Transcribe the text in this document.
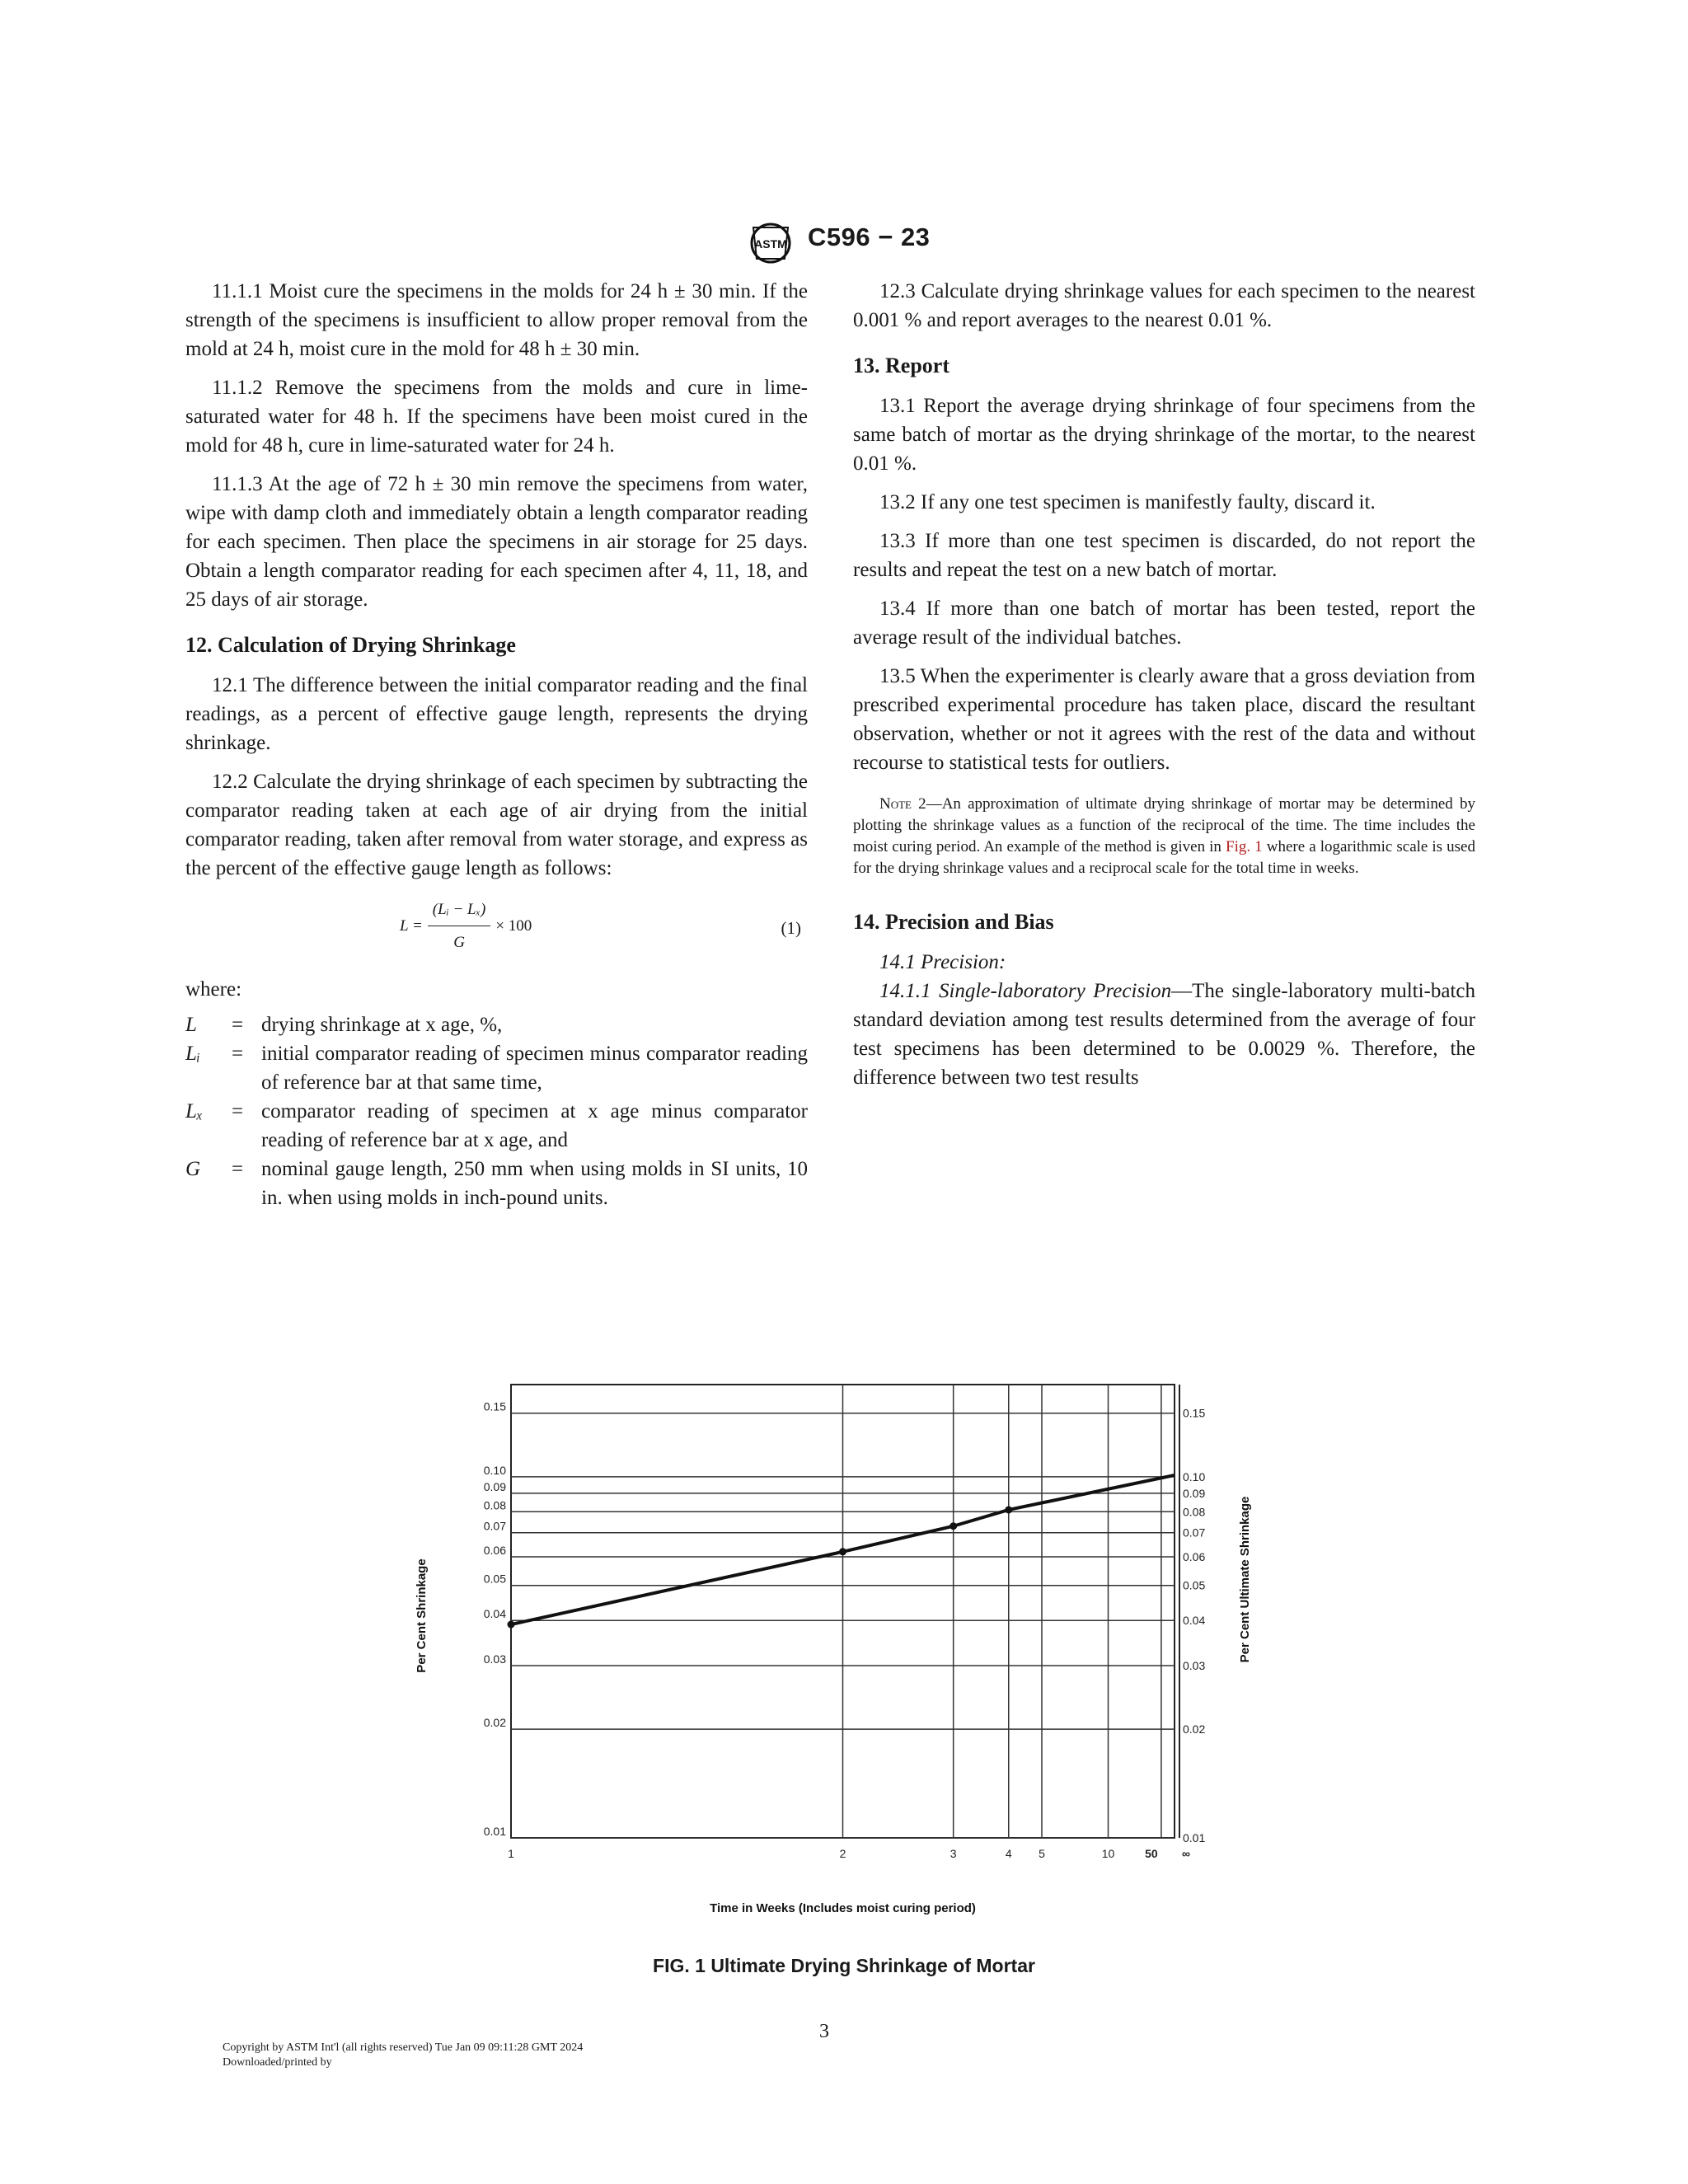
ASTM C596 − 23

11.1.1 Moist cure the specimens in the molds for 24 h ± 30 min. If the strength of the specimens is insufficient to allow proper removal from the mold at 24 h, moist cure in the mold for 48 h ± 30 min.

11.1.2 Remove the specimens from the molds and cure in lime-saturated water for 48 h. If the specimens have been moist cured in the mold for 48 h, cure in lime-saturated water for 24 h.

11.1.3 At the age of 72 h ± 30 min remove the specimens from water, wipe with damp cloth and immediately obtain a length comparator reading for each specimen. Then place the specimens in air storage for 25 days. Obtain a length comparator reading for each specimen after 4, 11, 18, and 25 days of air storage.

12. Calculation of Drying Shrinkage

12.1 The difference between the initial comparator reading and the final readings, as a percent of effective gauge length, represents the drying shrinkage.

12.2 Calculate the drying shrinkage of each specimen by subtracting the comparator reading taken at each age of air drying from the initial comparator reading, taken after removal from water storage, and express as the percent of the effective gauge length as follows:

$L = \frac{\text{(Lᵢ − Lₓ)}}{G} \times 100$	(1)
where:
L	= drying shrinkage at x age, %,
Lᵢ	= initial comparator reading of specimen minus comparator reading of reference bar at that same time,
Lₓ	= comparator reading of specimen at x age minus comparator reading of reference bar at x age, and
G	= nominal gauge length, 250 mm when using molds in SI units, 10 in. when using molds in inch-pound units.

12.3 Calculate drying shrinkage values for each specimen to the nearest 0.001 % and report averages to the nearest 0.01 %.

13. Report

13.1 Report the average drying shrinkage of four specimens from the same batch of mortar as the drying shrinkage of the mortar, to the nearest 0.01 %.

13.2 If any one test specimen is manifestly faulty, discard it.

13.3 If more than one test specimen is discarded, do not report the results and repeat the test on a new batch of mortar.

13.4 If more than one batch of mortar has been tested, report the average result of the individual batches.

13.5 When the experimenter is clearly aware that a gross deviation from prescribed experimental procedure has taken place, discard the resultant observation, whether or not it agrees with the rest of the data and without recourse to statistical tests for outliers.

Note 2—An approximation of ultimate drying shrinkage of mortar may be determined by plotting the shrinkage values as a function of the reciprocal of the time. The time includes the moist curing period. An example of the method is given in Fig. 1 where a logarithmic scale is used for the drying shrinkage values and a reciprocal scale for the total time in weeks.
14. Precision and Bias

14.1 Precision:

14.1.1 Single-laboratory Precision—The single-laboratory multi-batch standard deviation among test results determined from the average of four test specimens has been determined to be 0.0029 %. Therefore, the difference between two test results

0.01	0.01
0.02	0.02
0.03	0.03
0.04	0.04
0.05	0.05
0.06	0.06
0.07	0.07
0.08	0.08
0.09	0.09
0.10	0.10
0.15	0.15
1	2	3	4 5	10	50 ∞
Time in Weeks (Includes moist curing period)
Per Cent Shrinkage	Per Cent Ultimate Shrinkage
FIG. 1 Ultimate Drying Shrinkage of Mortar
3
Copyright by ASTM Int'l (all rights reserved) Tue Jan 09 09:11:28 GMT 2024
Downloaded/printed by
